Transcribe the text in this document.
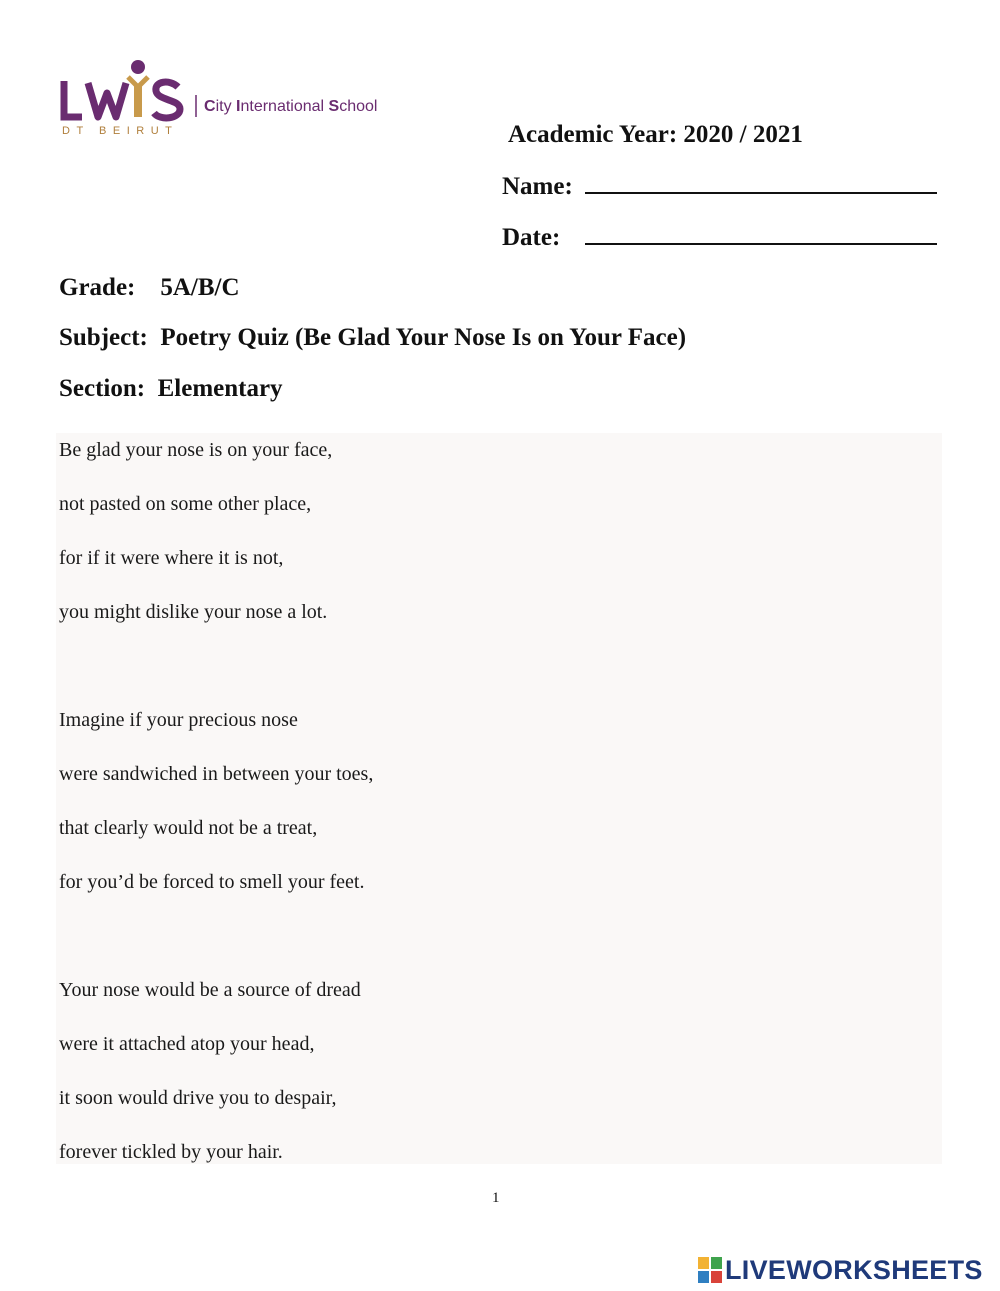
DT BEIRUT
City International School
Academic Year: 2020 / 2021
Name:
Date:
Grade:    5A/B/C
Subject:  Poetry Quiz (Be Glad Your Nose Is on Your Face)
Section:  Elementary
Be glad your nose is on your face,
not pasted on some other place,
for if it were where it is not,
you might dislike your nose a lot.
Imagine if your precious nose
were sandwiched in between your toes,
that clearly would not be a treat,
for you’d be forced to smell your feet.
Your nose would be a source of dread
were it attached atop your head,
it soon would drive you to despair,
forever tickled by your hair.
1
LIVEWORKSHEETS
